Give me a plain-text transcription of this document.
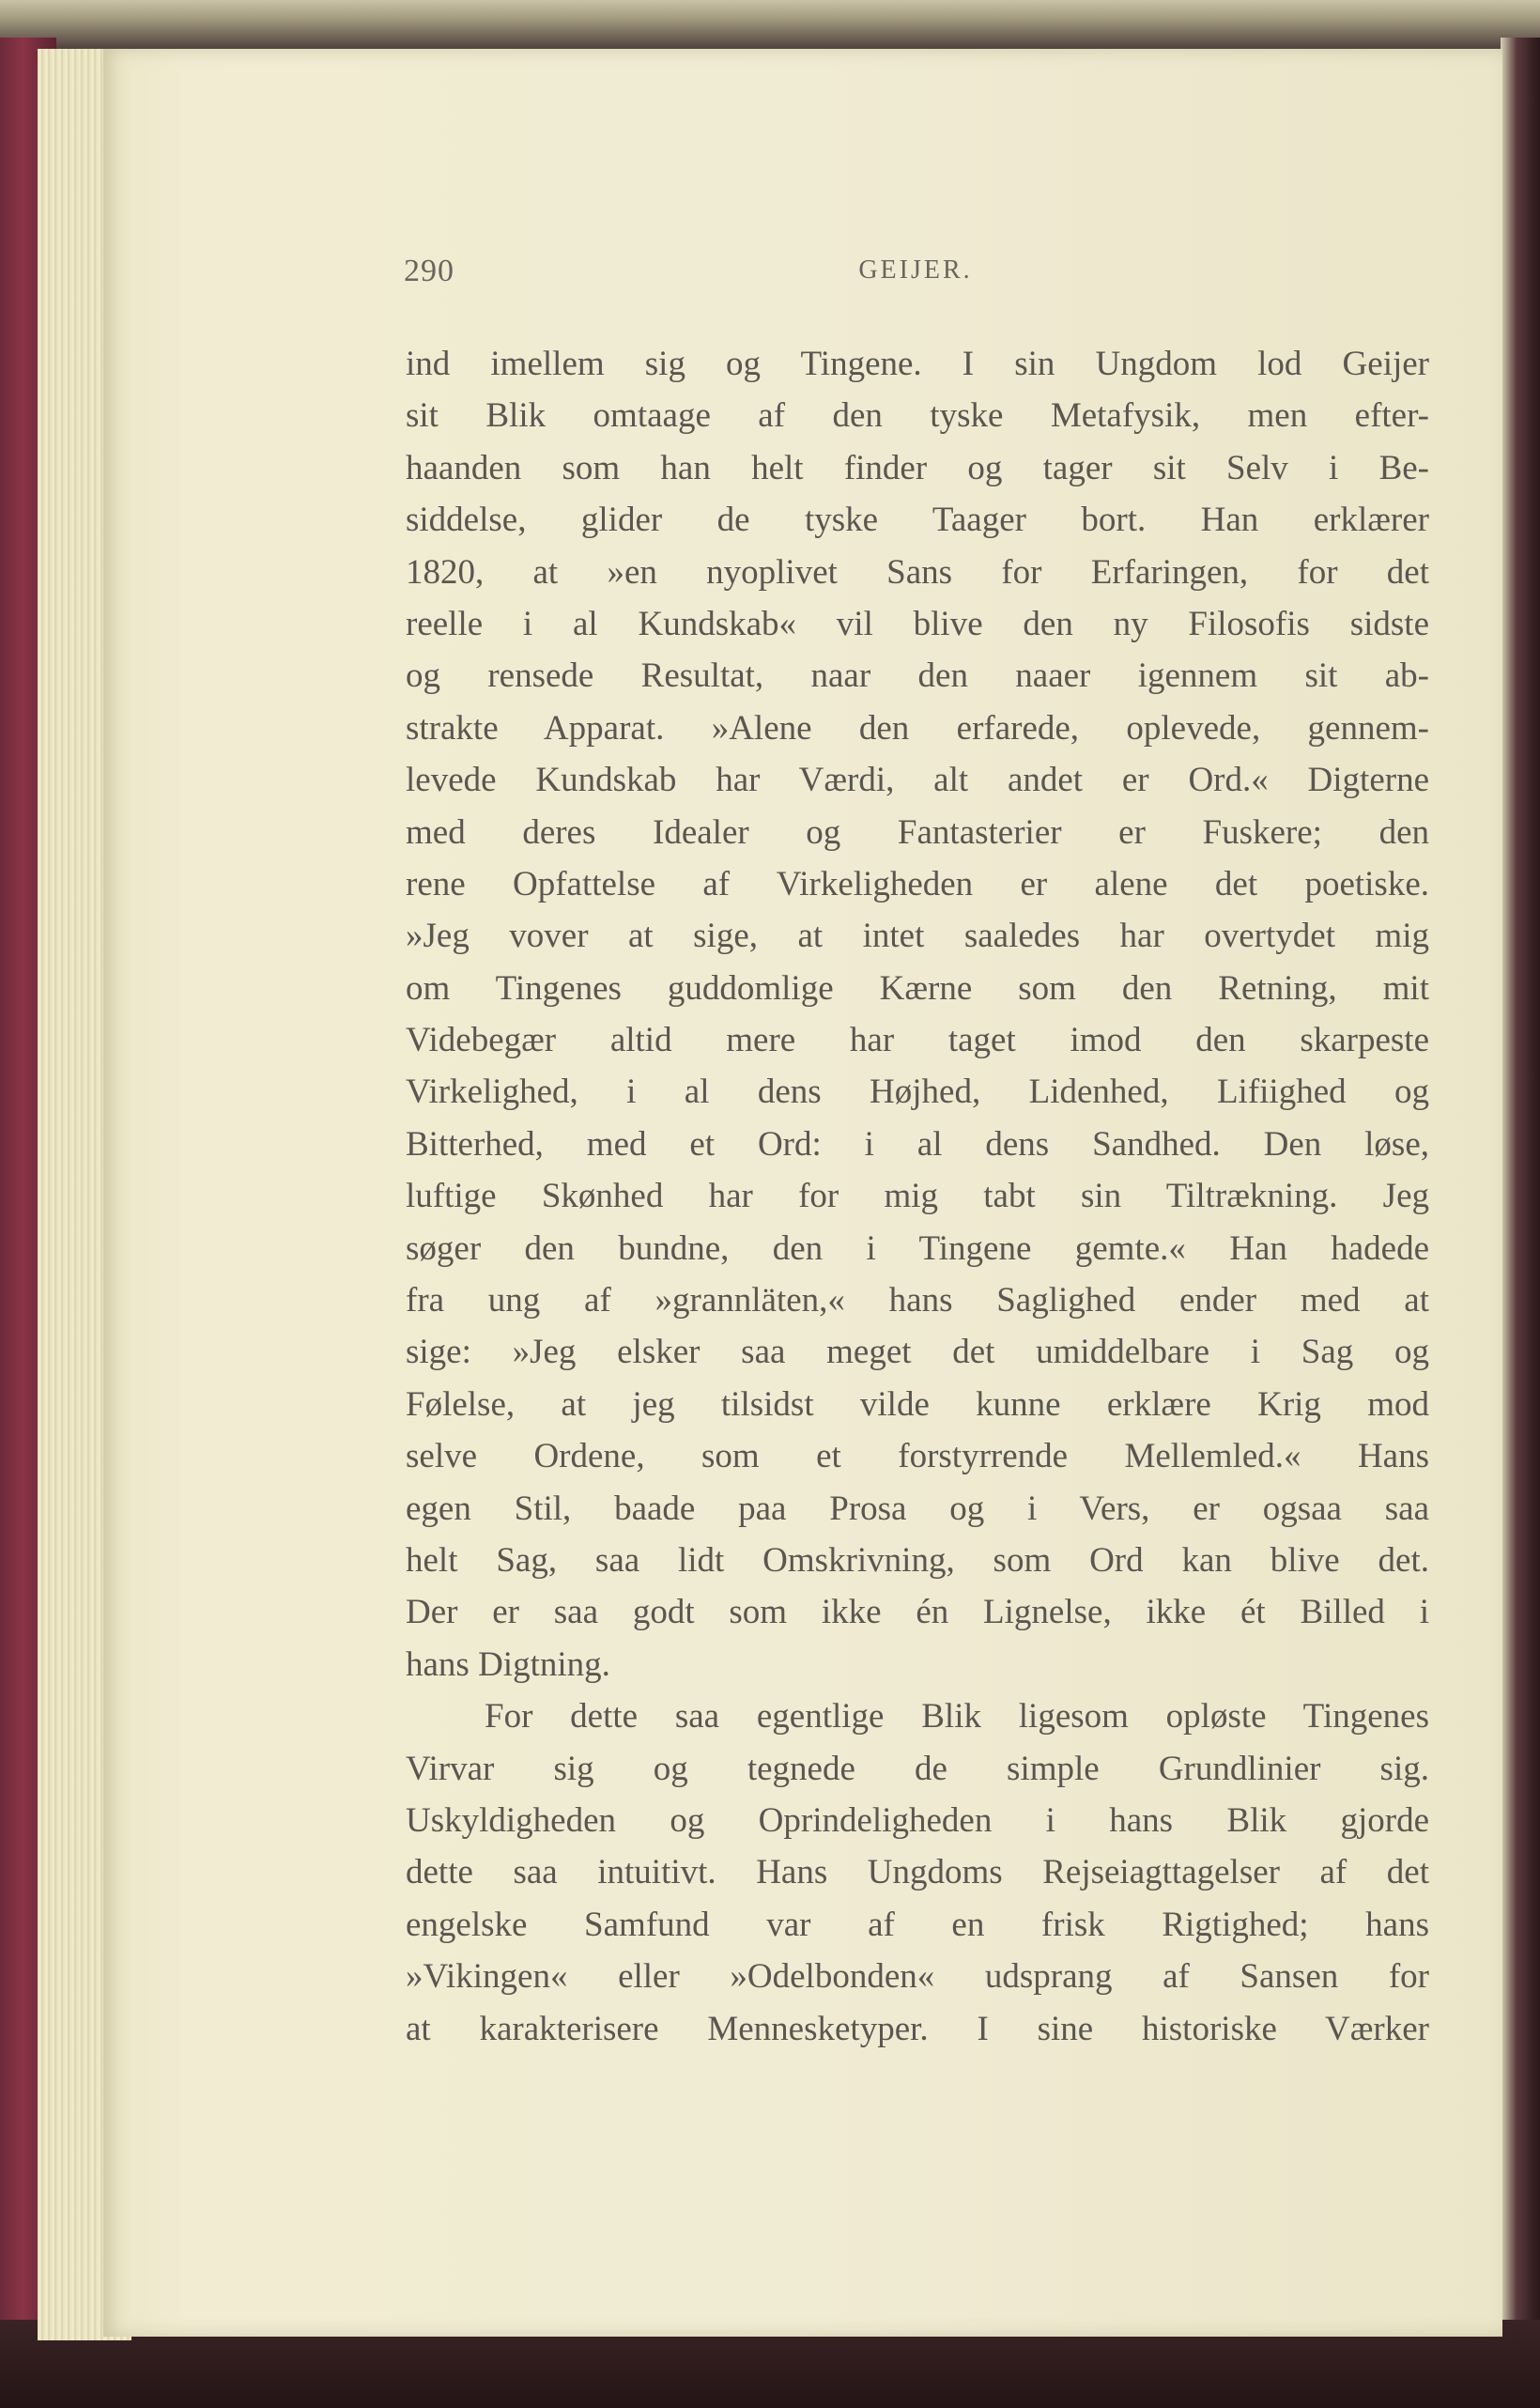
290	GEIJER.
ind imellem sig og Tingene. I sin Ungdom lod Geijer
sit Blik omtaage af den tyske Metafysik, men efter-
haanden som han helt finder og tager sit Selv i Be-
siddelse, glider de tyske Taager bort. Han erklærer
1820, at »en nyoplivet Sans for Erfaringen, for det
reelle i al Kundskab« vil blive den ny Filosofis sidste
og rensede Resultat, naar den naaer igennem sit ab-
strakte Apparat. »Alene den erfarede, oplevede, gennem-
levede Kundskab har Værdi, alt andet er Ord.« Digterne
med deres Idealer og Fantasterier er Fuskere; den
rene Opfattelse af Virkeligheden er alene det poetiske.
»Jeg vover at sige, at intet saaledes har overtydet mig
om Tingenes guddomlige Kærne som den Retning, mit
Videbegær altid mere har taget imod den skarpeste
Virkelighed, i al dens Højhed, Lidenhed, Lifiighed og
Bitterhed, med et Ord: i al dens Sandhed. Den løse,
luftige Skønhed har for mig tabt sin Tiltrækning. Jeg
søger den bundne, den i Tingene gemte.« Han hadede
fra ung af »grannläten,« hans Saglighed ender med at
sige: »Jeg elsker saa meget det umiddelbare i Sag og
Følelse, at jeg tilsidst vilde kunne erklære Krig mod
selve Ordene, som et forstyrrende Mellemled.« Hans
egen Stil, baade paa Prosa og i Vers, er ogsaa saa
helt Sag, saa lidt Omskrivning, som Ord kan blive det.
Der er saa godt som ikke én Lignelse, ikke ét Billed i
hans Digtning.
For dette saa egentlige Blik ligesom opløste Tingenes
Virvar sig og tegnede de simple Grundlinier sig.
Uskyldigheden og Oprindeligheden i hans Blik gjorde
dette saa intuitivt. Hans Ungdoms Rejseiagttagelser af det
engelske Samfund var af en frisk Rigtighed; hans
»Vikingen« eller »Odelbonden« udsprang af Sansen for
at karakterisere Mennesketyper. I sine historiske Værker
